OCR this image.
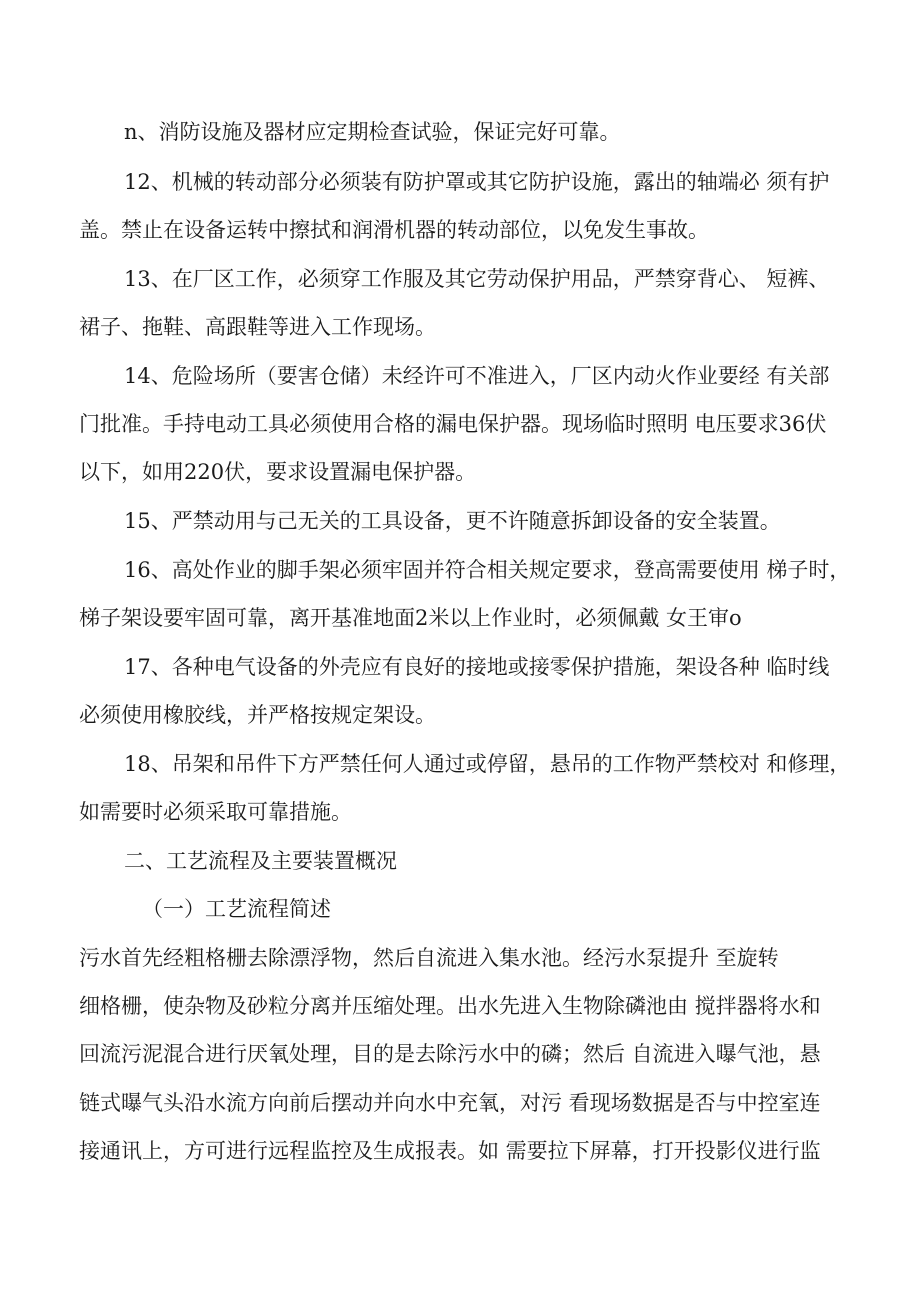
n、消防设施及器材应定期检查试验，保证完好可靠。
12、机械的转动部分必须装有防护罩或其它防护设施，露出的轴端必 须有护
盖。禁止在设备运转中擦拭和润滑机器的转动部位，以免发生事故。
13、在厂区工作，必须穿工作服及其它劳动保护用品，严禁穿背心、 短裤、
裙子、拖鞋、高跟鞋等进入工作现场。
14、危险场所（要害仓储）未经许可不准进入，厂区内动火作业要经 有关部
门批准。手持电动工具必须使用合格的漏电保护器。现场临时照明 电压要求36伏
以下，如用220伏，要求设置漏电保护器。
15、严禁动用与己无关的工具设备，更不许随意拆卸设备的安全装置。
16、高处作业的脚手架必须牢固并符合相关规定要求，登高需要使用 梯子时，
梯子架设要牢固可靠，离开基准地面2米以上作业时，必须佩戴 女王审o
17、各种电气设备的外壳应有良好的接地或接零保护措施，架设各种 临时线
必须使用橡胶线，并严格按规定架设。
18、吊架和吊件下方严禁任何人通过或停留，悬吊的工作物严禁校对 和修理，
如需要时必须采取可靠措施。
二、工艺流程及主要装置概况
（一）工艺流程简述
污水首先经粗格栅去除漂浮物，然后自流进入集水池。经污水泵提升 至旋转
细格栅，使杂物及砂粒分离并压缩处理。出水先进入生物除磷池由 搅拌器将水和
回流污泥混合进行厌氧处理，目的是去除污水中的磷；然后 自流进入曝气池，悬
链式曝气头沿水流方向前后摆动并向水中充氧，对污 看现场数据是否与中控室连
接通讯上，方可进行远程监控及生成报表。如 需要拉下屏幕，打开投影仪进行监
